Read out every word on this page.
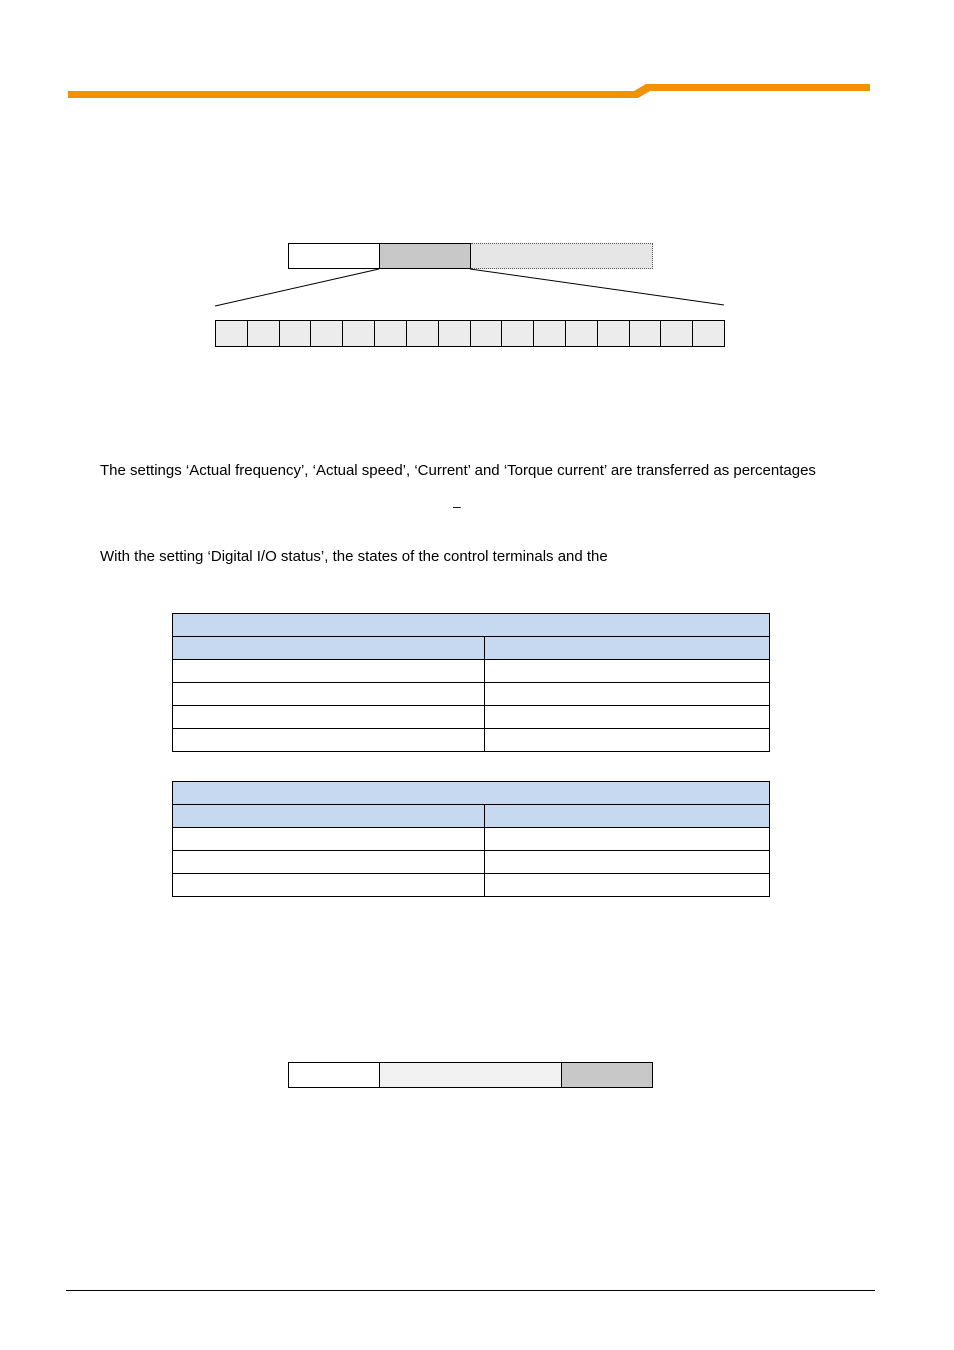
The settings ‘Actual frequency’, ‘Actual speed’, ‘Current’ and ‘Torque current’ are transferred as percentages
–
With the setting ‘Digital I/O status’, the states of the control terminals and the
